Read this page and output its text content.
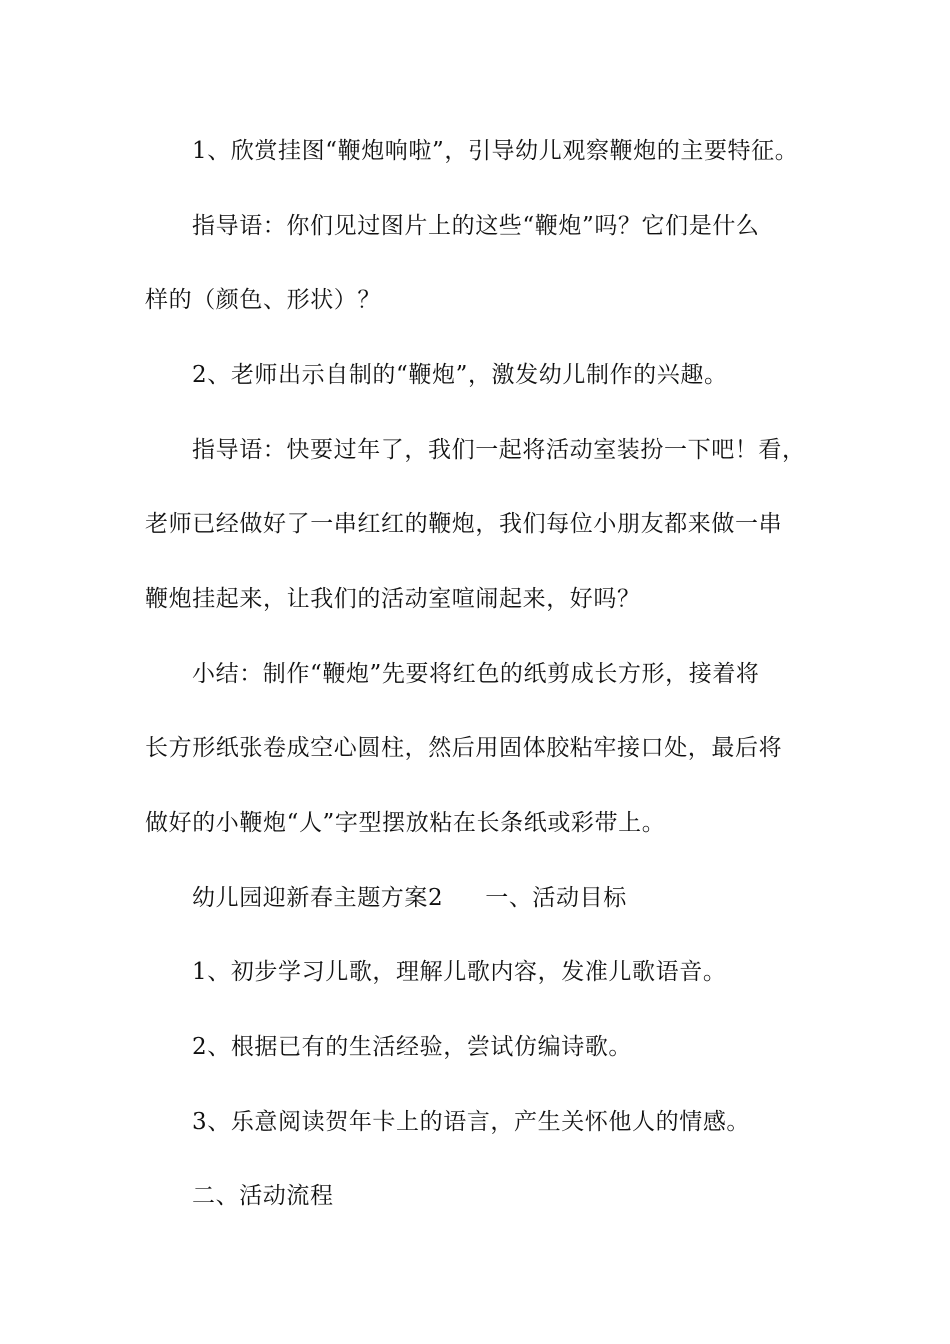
1、欣赏挂图“鞭炮响啦”，引导幼儿观察鞭炮的主要特征。
指导语：你们见过图片上的这些“鞭炮”吗？它们是什么
样的（颜色、形状）？
2、老师出示自制的“鞭炮”，激发幼儿制作的兴趣。
指导语：快要过年了，我们一起将活动室装扮一下吧！看，
老师已经做好了一串红红的鞭炮，我们每位小朋友都来做一串
鞭炮挂起来，让我们的活动室喧闹起来，好吗？
小结：制作“鞭炮”先要将红色的纸剪成长方形，接着将
长方形纸张卷成空心圆柱，然后用固体胶粘牢接口处，最后将
做好的小鞭炮“人”字型摆放粘在长条纸或彩带上。
幼儿园迎新春主题方案2 一、活动目标
1、初步学习儿歌，理解儿歌内容，发准儿歌语音。
2、根据已有的生活经验，尝试仿编诗歌。
3、乐意阅读贺年卡上的语言，产生关怀他人的情感。
二、活动流程
